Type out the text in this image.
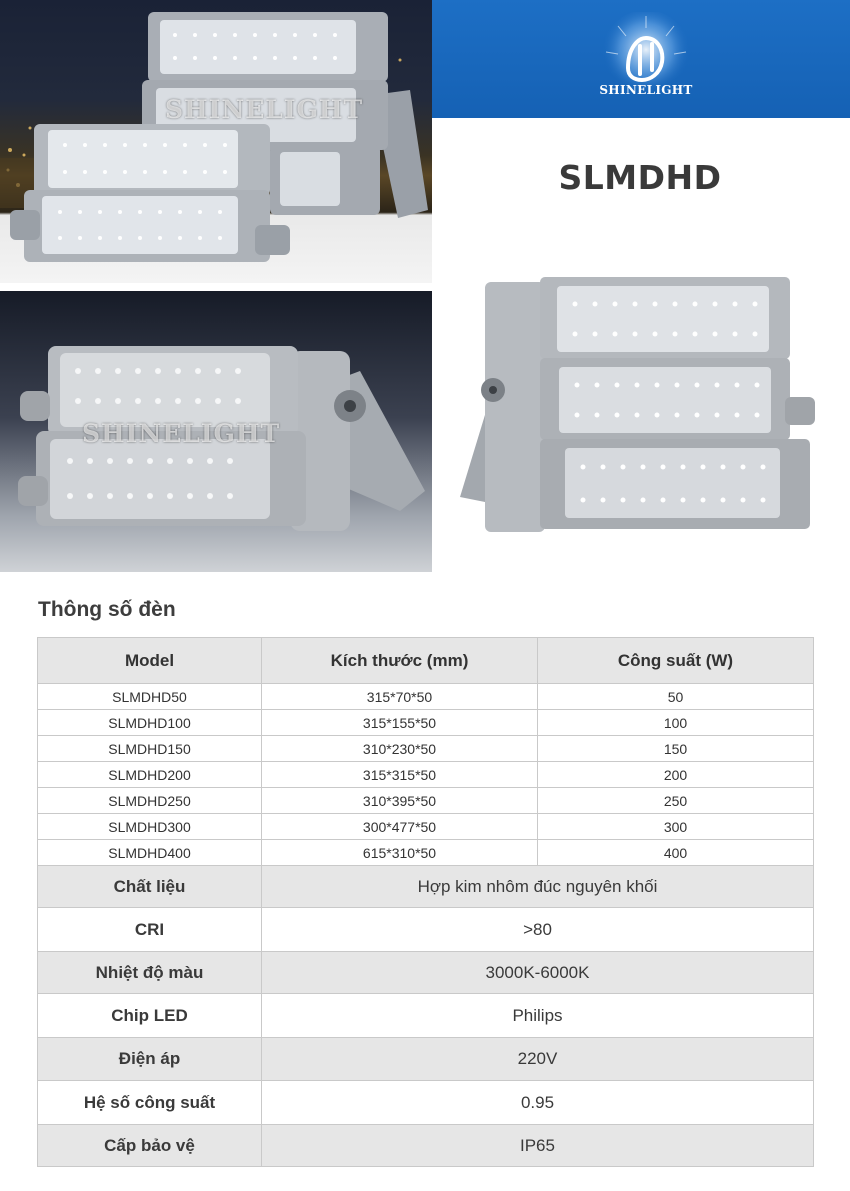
SHINELIGHT
SHINELIGHT
SHINELIGHT
SLMDHD
Thông số đèn
Model	Kích thước (mm)	Công suất (W)
SLMDHD50	315*70*50	50
SLMDHD100	315*155*50	100
SLMDHD150	310*230*50	150
SLMDHD200	315*315*50	200
SLMDHD250	310*395*50	250
SLMDHD300	300*477*50	300
SLMDHD400	615*310*50	400
Chất liệu	Hợp kim nhôm đúc nguyên khối	
CRI	>80	
Nhiệt độ màu	3000K-6000K	
Chip LED	Philips	
Điện áp	220V	
Hệ số công suất	0.95	
Cấp bảo vệ	IP65	
